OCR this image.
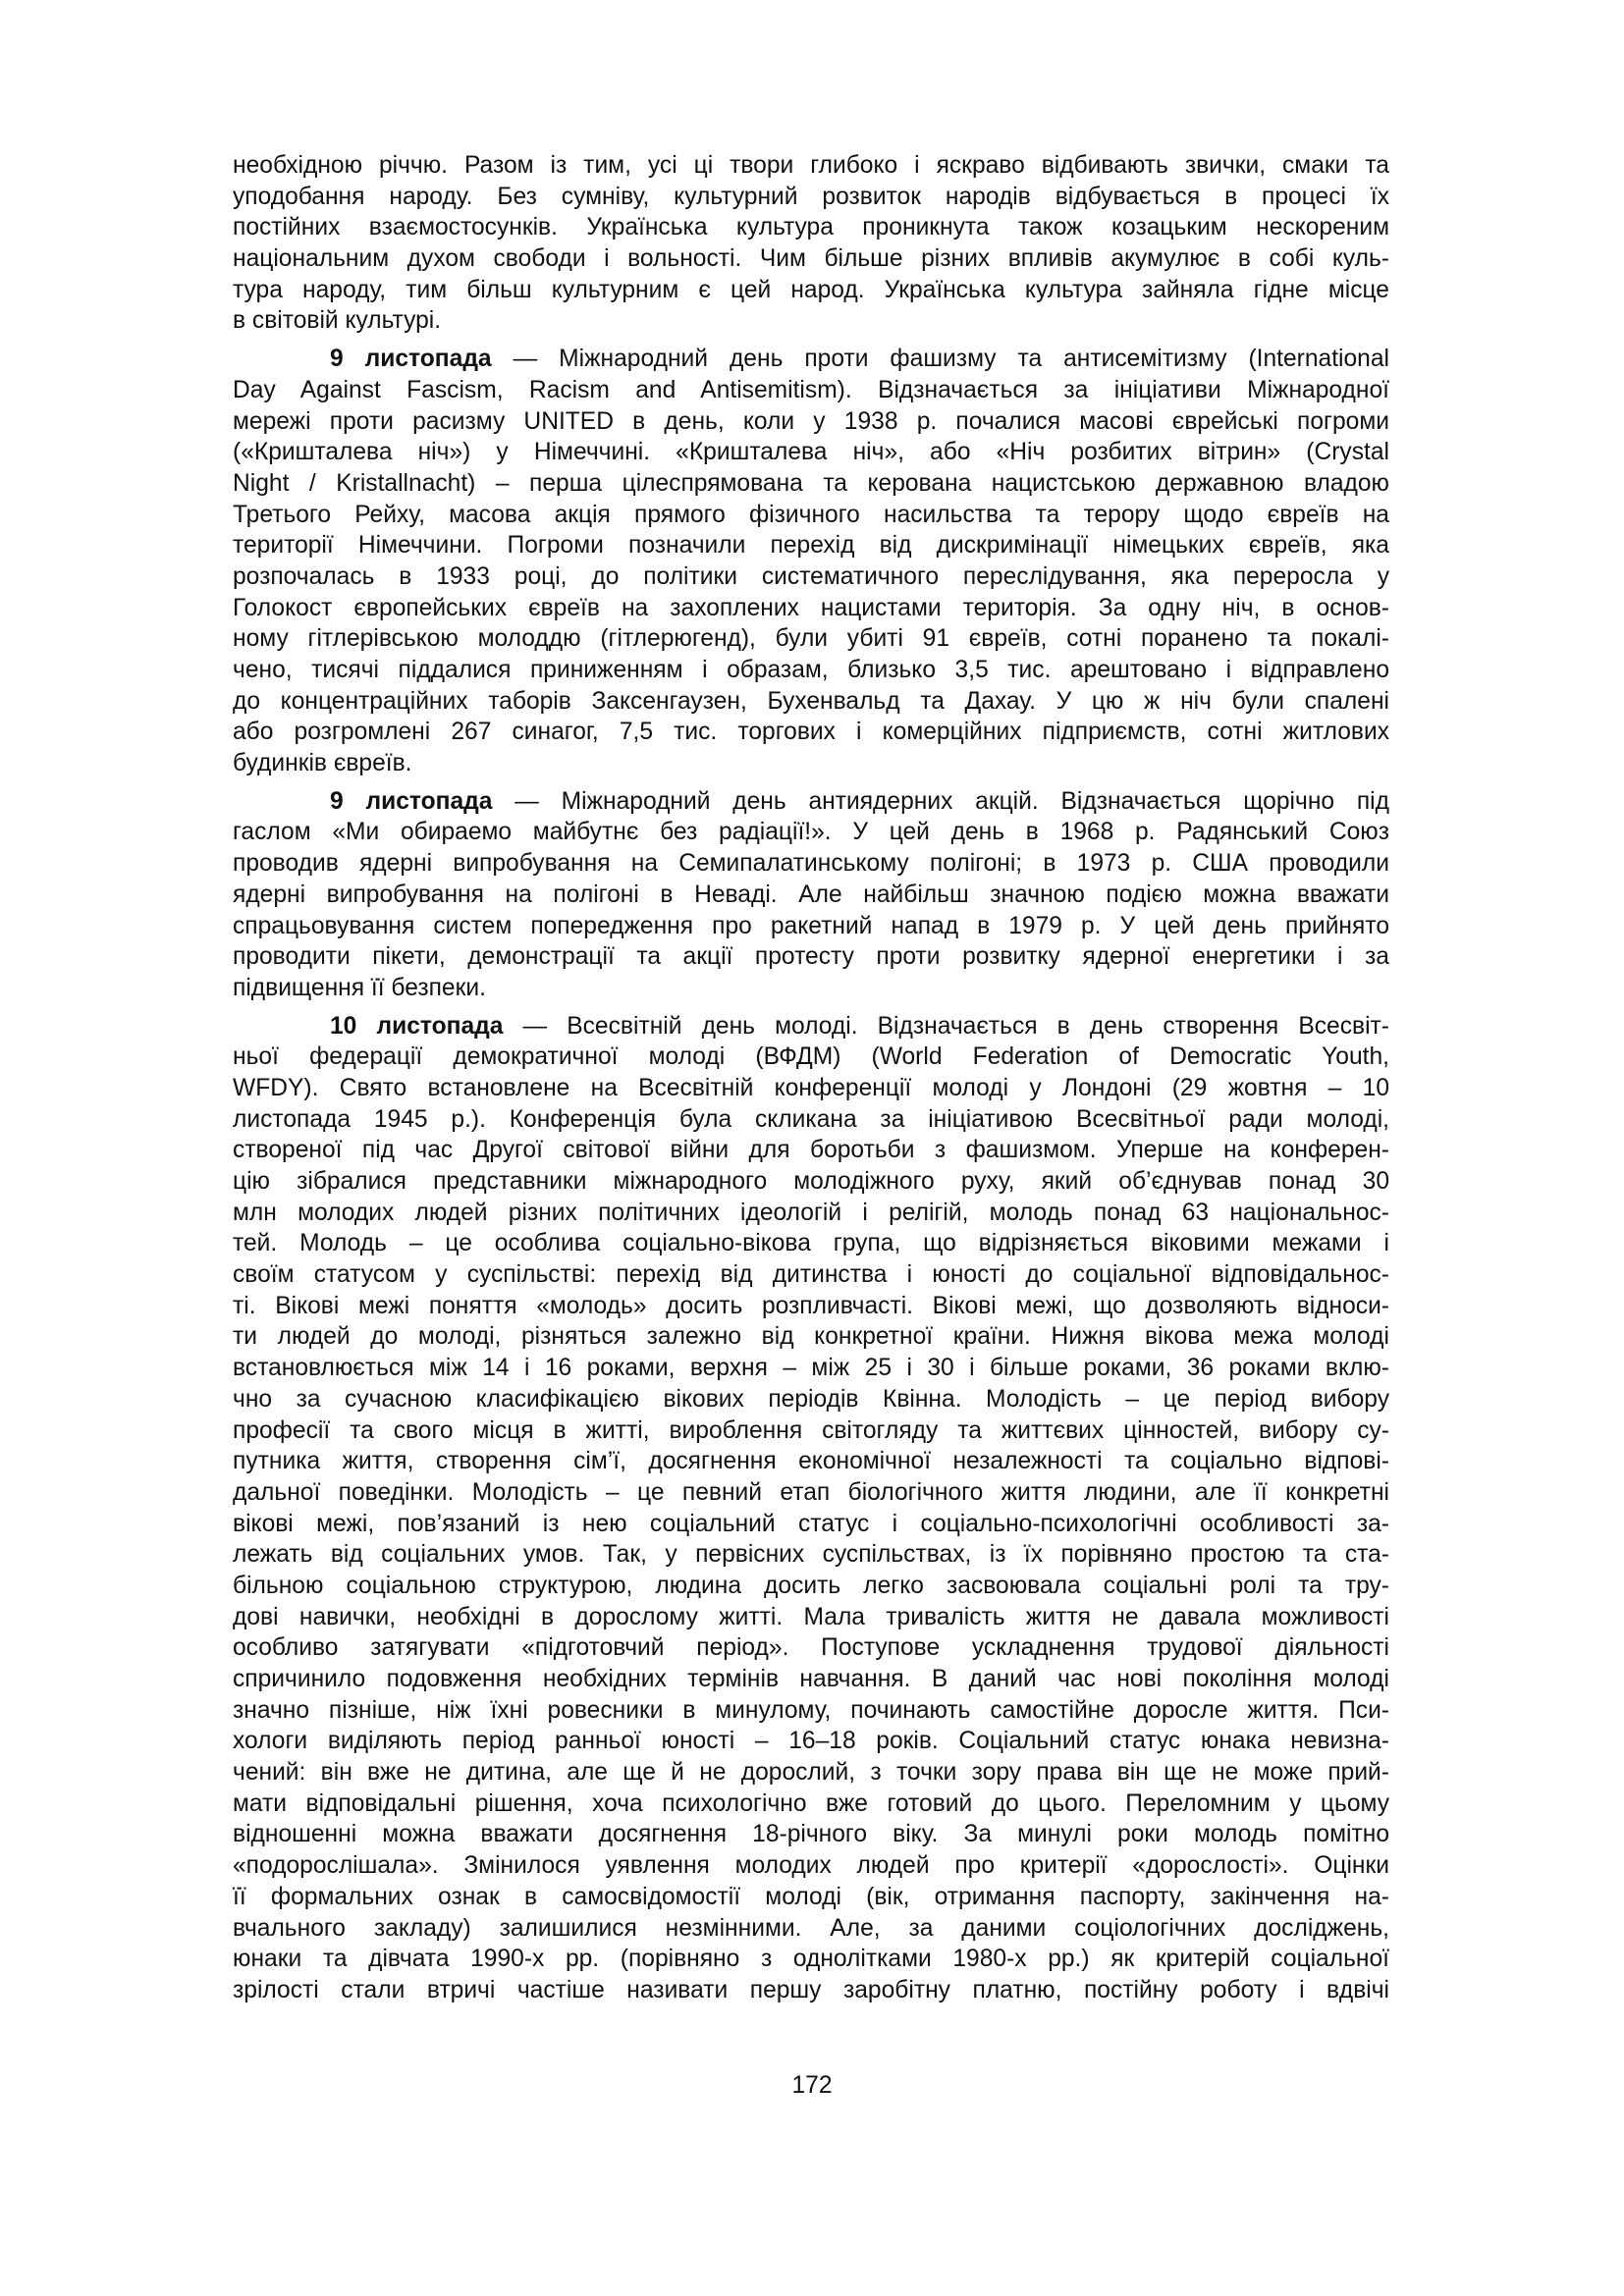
необхідною річчю. Разом із тим, усі ці твори глибоко і яскраво відбивають звички, смаки та
уподобання народу. Без сумніву, культурний розвиток народів відбувається в процесі їх
постійних взаємостосунків. Українська культура проникнута також козацьким нескореним
національним духом свободи і вольності. Чим більше різних впливів акумулює в собі куль-
тура народу, тим більш культурним є цей народ. Українська культура зайняла гідне місце
в світовій культурі.
9 листопада — Міжнародний день проти фашизму та антисемітизму (International
Day Against Fascism, Racism and Antisemitism). Відзначається за ініціативи Міжнародної
мережі проти расизму UNITED в день, коли у 1938 р. почалися масові єврейські погроми
(«Кришталева ніч») у Німеччині. «Кришталева ніч», або «Ніч розбитих вітрин» (Crystal
Night / Kristallnacht) – перша цілеспрямована та керована нацистською державною владою
Третього Рейху, масова акція прямого фізичного насильства та терору щодо євреїв на
території Німеччини. Погроми позначили перехід від дискримінації німецьких євреїв, яка
розпочалась в 1933 році, до політики систематичного переслідування, яка переросла у
Голокост європейських євреїв на захоплених нацистами територія. За одну ніч, в основ-
ному гітлерівською молоддю (гітлерюгенд), були убиті 91 євреїв, сотні поранено та покалі-
чено, тисячі піддалися приниженням і образам, близько 3,5 тис. арештовано і відправлено
до концентраційних таборів Заксенгаузен, Бухенвальд та Дахау. У цю ж ніч були спалені
або розгромлені 267 синагог, 7,5 тис. торгових і комерційних підприємств, сотні житлових
будинків євреїв.
9 листопада — Міжнародний день антиядерних акцій. Відзначається щорічно під
гаслом «Ми обираемо майбутнє без радіації!». У цей день в 1968 р. Радянський Союз
проводив ядерні випробування на Семипалатинському полігоні; в 1973 р. США проводили
ядерні випробування на полігоні в Неваді. Але найбільш значною подією можна вважати
спрацьовування систем попередження про ракетний напад в 1979 р. У цей день прийнято
проводити пікети, демонстрації та акції протесту проти розвитку ядерної енергетики і за
підвищення її безпеки.
10 листопада — Всесвітній день молоді. Відзначається в день створення Всесвіт-
ньої федерації демократичної молоді (ВФДМ) (World Federation of Democratic Youth,
WFDY). Свято встановлене на Всесвітній конференції молоді у Лондоні (29 жовтня – 10
листопада 1945 р.). Конференція була скликана за ініціативою Всесвітньої ради молоді,
створеної під час Другої світової війни для боротьби з фашизмом. Уперше на конферен-
цію зібралися представники міжнародного молодіжного руху, який об’єднував понад 30
млн молодих людей різних політичних ідеологій і релігій, молодь понад 63 національнос-
тей. Молодь – це особлива соціально-вікова група, що відрізняється віковими межами і
своїм статусом у суспільстві: перехід від дитинства і юності до соціальної відповідальнос-
ті. Вікові межі поняття «молодь» досить розпливчасті. Вікові межі, що дозволяють відноси-
ти людей до молоді, різняться залежно від конкретної країни. Нижня вікова межа молоді
встановлюється між 14 і 16 роками, верхня – між 25 і 30 і більше роками, 36 роками вклю-
чно за сучасною класифікацією вікових періодів Квінна. Молодість – це період вибору
професії та свого місця в житті, вироблення світогляду та життєвих цінностей, вибору су-
путника життя, створення сім’ї, досягнення економічної незалежності та соціально відпові-
дальної поведінки. Молодість – це певний етап біологічного життя людини, але її конкретні
вікові межі, пов’язаний із нею соціальний статус і соціально-психологічні особливості за-
лежать від соціальних умов. Так, у первісних суспільствах, із їх порівняно простою та ста-
більною соціальною структурою, людина досить легко засвоювала соціальні ролі та тру-
дові навички, необхідні в дорослому житті. Мала тривалість життя не давала можливості
особливо затягувати «підготовчий період». Поступове ускладнення трудової діяльності
спричинило подовження необхідних термінів навчання. В даний час нові покоління молоді
значно пізніше, ніж їхні ровесники в минулому, починають самостійне доросле життя. Пси-
хологи виділяють період ранньої юності – 16–18 років. Соціальний статус юнака невизна-
чений: він вже не дитина, але ще й не дорослий, з точки зору права він ще не може прий-
мати відповідальні рішення, хоча психологічно вже готовий до цього. Переломним у цьому
відношенні можна вважати досягнення 18-річного віку. За минулі роки молодь помітно
«подорослішала». Змінилося уявлення молодих людей про критерії «дорослості». Оцінки
її формальних ознак в самосвідомостії молоді (вік, отримання паспорту, закінчення на-
вчального закладу) залишилися незмінними. Але, за даними соціологічних досліджень,
юнаки та дівчата 1990-х рр. (порівняно з однолітками 1980-х рр.) як критерій соціальної
зрілості стали втричі частіше називати першу заробітну платню, постійну роботу і вдвічі
172
